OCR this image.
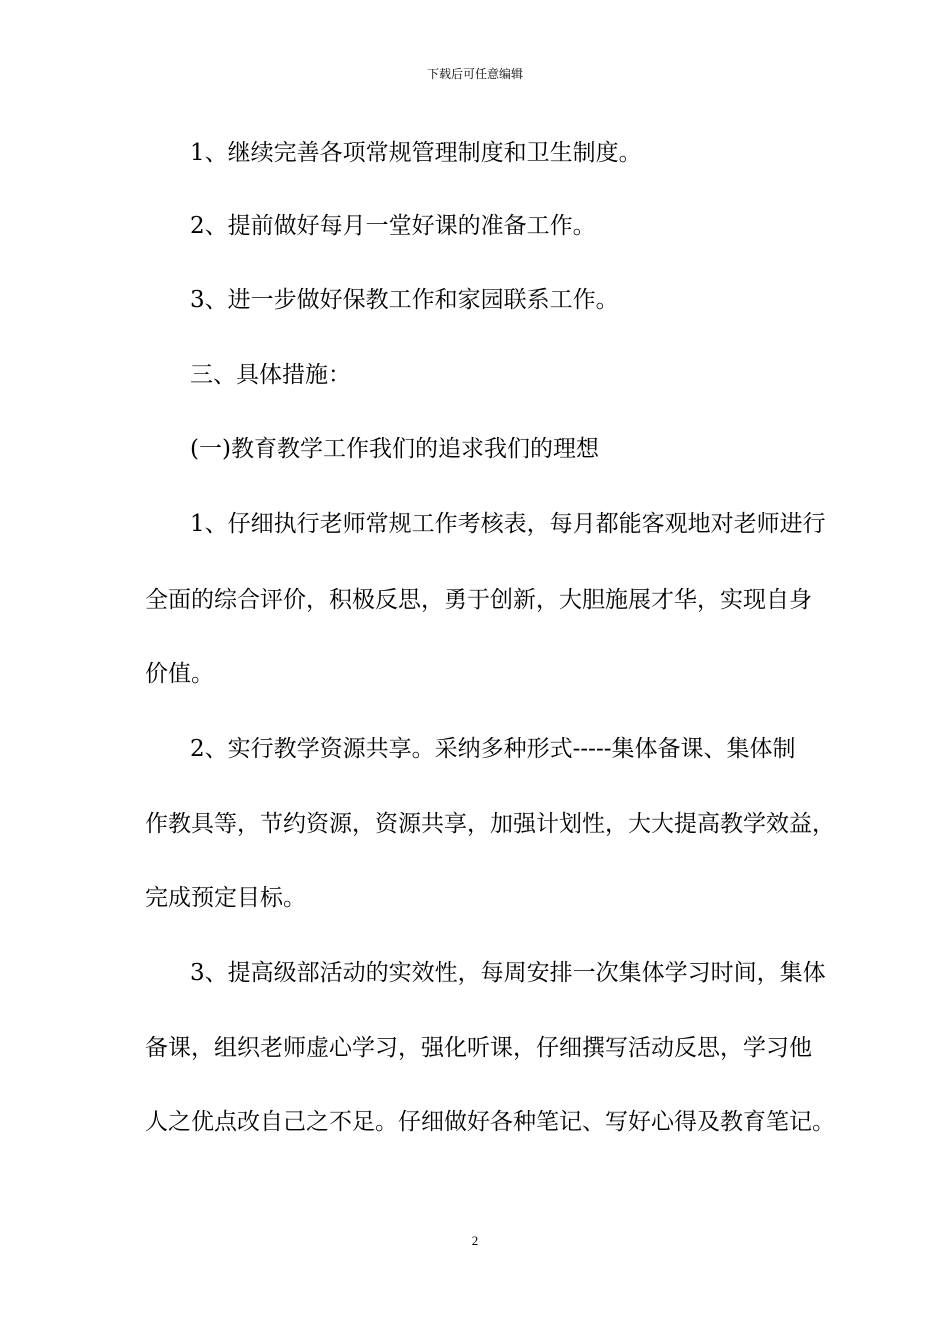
下载后可任意编辑
1、继续完善各项常规管理制度和卫生制度。
2、提前做好每月一堂好课的准备工作。
3、进一步做好保教工作和家园联系工作。
三、具体措施：
(一)教育教学工作我们的追求我们的理想
1、仔细执行老师常规工作考核表，每月都能客观地对老师进行
全面的综合评价，积极反思，勇于创新，大胆施展才华，实现自身
价值。
2、实行教学资源共享。采纳多种形式-----集体备课、集体制
作教具等，节约资源，资源共享，加强计划性，大大提高教学效益，
完成预定目标。
3、提高级部活动的实效性，每周安排一次集体学习时间，集体
备课，组织老师虚心学习，强化听课，仔细撰写活动反思，学习他
人之优点改自己之不足。仔细做好各种笔记、写好心得及教育笔记。
2
